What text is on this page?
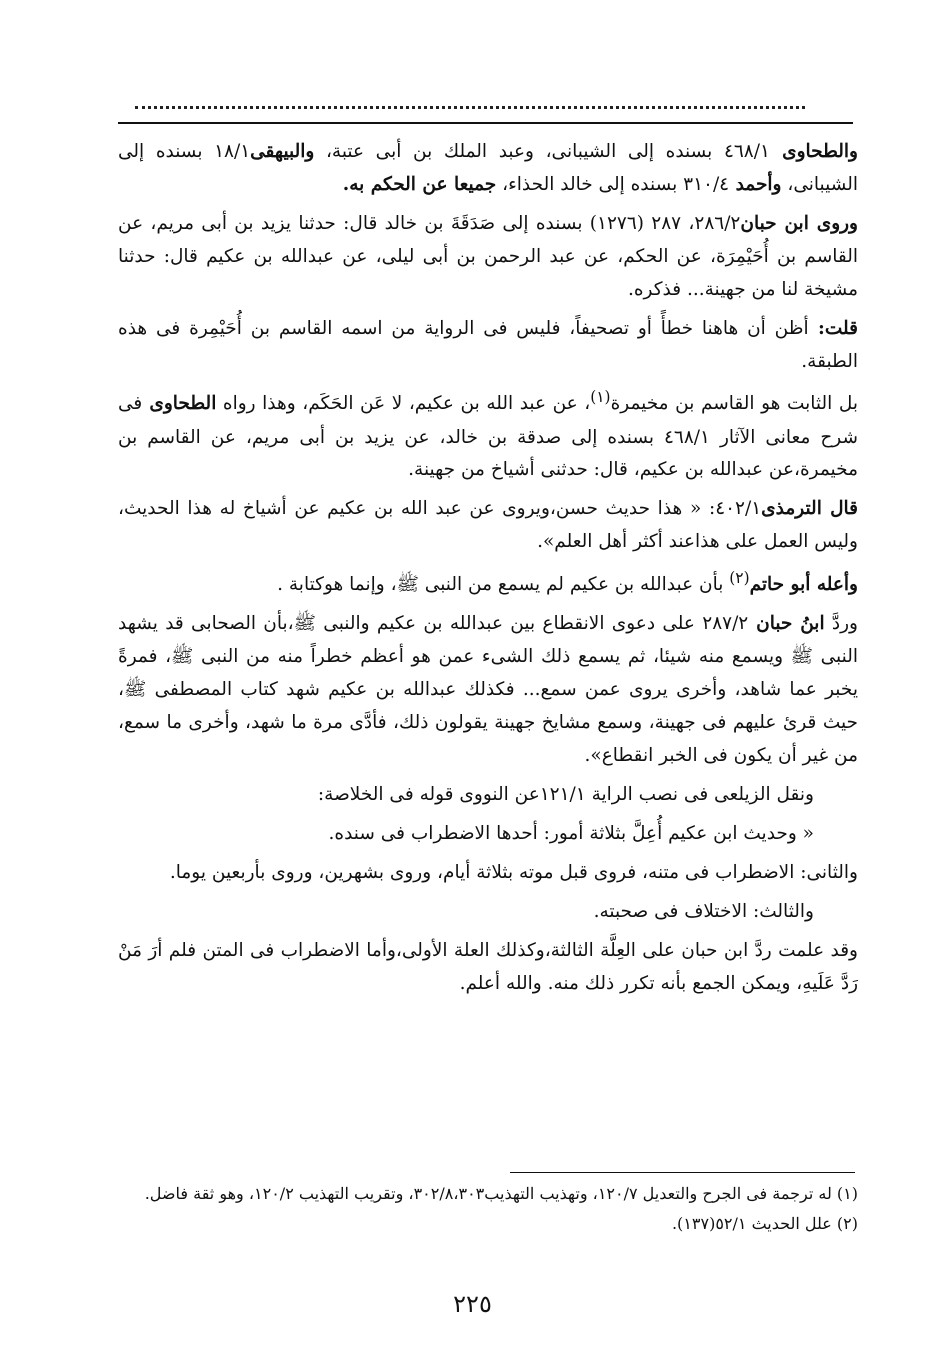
والطحاوى ٤٦٨/١ بسنده إلى الشيبانى، وعبد الملك بن أبى عتبة، والبيهقى١٨/١ بسنده إلى الشيبانى، وأحمد ٣١٠/٤ بسنده إلى خالد الحذاء، جميعا عن الحكم به.

وروى ابن حبان٢٨٦/٢، ٢٨٧ (١٢٧٦) بسنده إلى صَدَقَةَ بن خالد قال: حدثنا يزيد بن أبى مريم، عن القاسم بن أُحَيْمِرَة، عن الحكم، عن عبد الرحمن بن أبى ليلى، عن عبدالله بن عكيم قال: حدثنا مشيخة لنا من جهينة... فذكره.

قلت: أظن أن هاهنا خطأً أو تصحيفاً، فليس فى الرواية من اسمه القاسم بن أُحَيْمِرة فى هذه الطبقة.

بل الثابت هو القاسم بن مخيمرة$^{(١)}$، عن عبد الله بن عكيم، لا عَن الحَكَم، وهذا رواه الطحاوى فى شرح معانى الآثار ٤٦٨/١ بسنده إلى صدقة بن خالد، عن يزيد بن أبى مريم، عن القاسم بن مخيمرة،عن عبدالله بن عكيم، قال: حدثنى أشياخ من جهينة.

قال الترمذى٤٠٢/١: « هذا حديث حسن،ويروى عن عبد الله بن عكيم عن أشياخ له هذا الحديث، وليس العمل على هذاعند أكثر أهل العلم».

وأعله أبو حاتم$^{(٢)}$ بأن عبدالله بن عكيم لم يسمع من النبى ﷺ، وإنما هوكتابة .

وردَّ ابنُ حبان ٢٨٧/٢ على دعوى الانقطاع بين عبدالله بن عكيم والنبى ﷺ،بأن الصحابى قد يشهد النبى ﷺ ويسمع منه شيئا، ثم يسمع ذلك الشىء عمن هو أعظم خطراً منه من النبى ﷺ، فمرةً يخبر عما شاهد، وأخرى يروى عمن سمع... فكذلك عبدالله بن عكيم شهد كتاب المصطفى ﷺ، حيث قرئ عليهم فى جهينة، وسمع مشايخ جهينة يقولون ذلك، فأدَّى مرة ما شهد، وأخرى ما سمع، من غير أن يكون فى الخبر انقطاع».

ونقل الزيلعى فى نصب الراية ١٢١/١عن النووى قوله فى الخلاصة:

« وحديث ابن عكيم أُعِلَّ بثلاثة أمور: أحدها الاضطراب فى سنده.

والثانى: الاضطراب فى متنه، فروى قبل موته بثلاثة أيام، وروى بشهرين، وروى بأربعين يوما.

والثالث: الاختلاف فى صحبته.

وقد علمت ردَّ ابن حبان على العِلَّة الثالثة،وكذلك العلة الأولى،وأما الاضطراب فى المتن فلم أرَ مَنْ رَدَّ عَلَيهِ، ويمكن الجمع بأنه تكرر ذلك منه. والله أعلم.

(١) له ترجمة فى الجرح والتعديل ١٢٠/٧، وتهذيب التهذيب٣٠٢/٨،٣٠٣، وتقريب التهذيب ١٢٠/٢، وهو ثقة فاضل.

(٢) علل الحديث ٥٢/١(١٣٧).

٢٢٥
